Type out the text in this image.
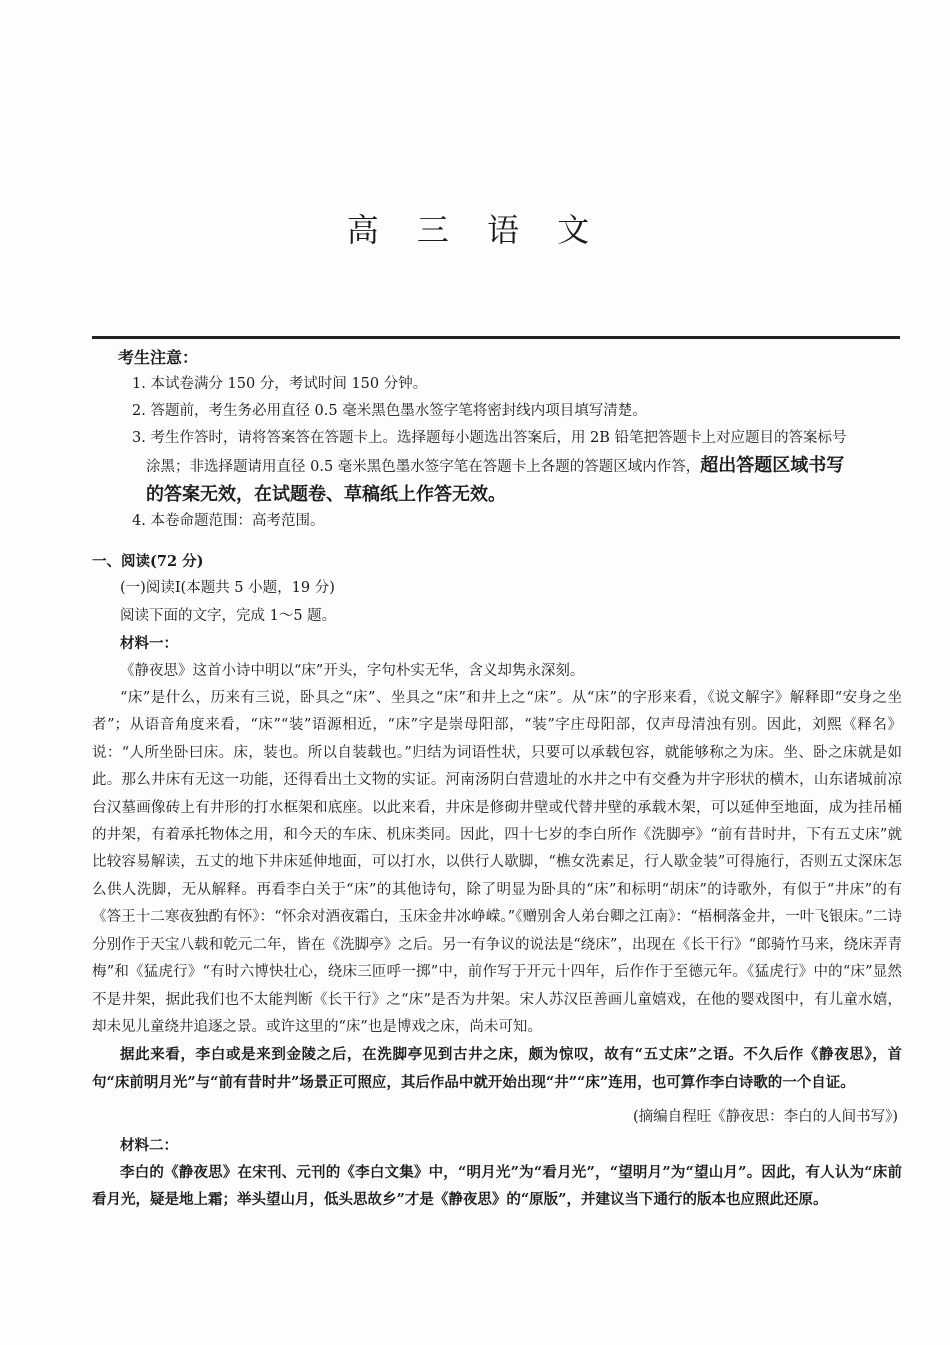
高 三 语 文
考生注意：
1. 本试卷满分 150 分，考试时间 150 分钟。
2. 答题前，考生务必用直径 0.5 毫米黑色墨水签字笔将密封线内项目填写清楚。
3. 考生作答时，请将答案答在答题卡上。选择题每小题选出答案后，用 2B 铅笔把答题卡上对应题目的答案标号
涂黑；非选择题请用直径 0.5 毫米黑色墨水签字笔在答题卡上各题的答题区域内作答，超出答题区域书写
的答案无效，在试题卷、草稿纸上作答无效。
4. 本卷命题范围：高考范围。
一、阅读(72 分)
(一)阅读Ⅰ(本题共 5 小题，19 分)
阅读下面的文字，完成 1～5 题。
材料一：

《静夜思》这首小诗中明以“床”开头，字句朴实无华，含义却隽永深刻。

“床”是什么，历来有三说，卧具之“床”、坐具之“床”和井上之“床”。从“床”的字形来看，《说文解字》解释即“安身之坐者”；从语音角度来看，“床”“装”语源相近，“床”字是崇母阳部，“装”字庄母阳部，仅声母清浊有别。因此，刘熙《释名》说：“人所坐卧曰床。床，装也。所以自装载也。”归结为词语性状，只要可以承载包容，就能够称之为床。坐、卧之床就是如此。那么井床有无这一功能，还得看出土文物的实证。河南汤阴白营遗址的水井之中有交叠为井字形状的横木，山东诸城前凉台汉墓画像砖上有井形的打水框架和底座。以此来看，井床是修砌井壁或代替井壁的承载木架，可以延伸至地面，成为挂吊桶的井架，有着承托物体之用，和今天的车床、机床类同。因此，四十七岁的李白所作《洗脚亭》“前有昔时井，下有五丈床”就比较容易解读，五丈的地下井床延伸地面，可以打水，以供行人歇脚，“樵女洗素足，行人歇金装”可得施行，否则五丈深床怎么供人洗脚，无从解释。再看李白关于“床”的其他诗句，除了明显为卧具的“床”和标明“胡床”的诗歌外，有似于“井床”的有《答王十二寒夜独酌有怀》：“怀余对酒夜霜白，玉床金井冰峥嵘。”《赠别舍人弟台卿之江南》：“梧桐落金井，一叶飞银床。”二诗分别作于天宝八载和乾元二年，皆在《洗脚亭》之后。另一有争议的说法是“绕床”，出现在《长干行》“郎骑竹马来，绕床弄青梅”和《猛虎行》“有时六博快壮心，绕床三匝呼一掷”中，前作写于开元十四年，后作作于至德元年。《猛虎行》中的“床”显然不是井架，据此我们也不太能判断《长干行》之“床”是否为井架。宋人苏汉臣善画儿童嬉戏，在他的婴戏图中，有儿童水嬉，却未见儿童绕井追逐之景。或许这里的“床”也是博戏之床，尚未可知。

据此来看，李白或是来到金陵之后，在洗脚亭见到古井之床，颇为惊叹，故有“五丈床”之语。不久后作《静夜思》，首句“床前明月光”与“前有昔时井”场景正可照应，其后作品中就开始出现“井”“床”连用，也可算作李白诗歌的一个自证。

(摘编自程旺《静夜思：李白的人间书写》)
材料二：

李白的《静夜思》在宋刊、元刊的《李白文集》中，“明月光”为“看月光”，“望明月”为“望山月”。因此，有人认为“床前看月光，疑是地上霜；举头望山月，低头思故乡”才是《静夜思》的“原版”，并建议当下通行的版本也应照此还原。
